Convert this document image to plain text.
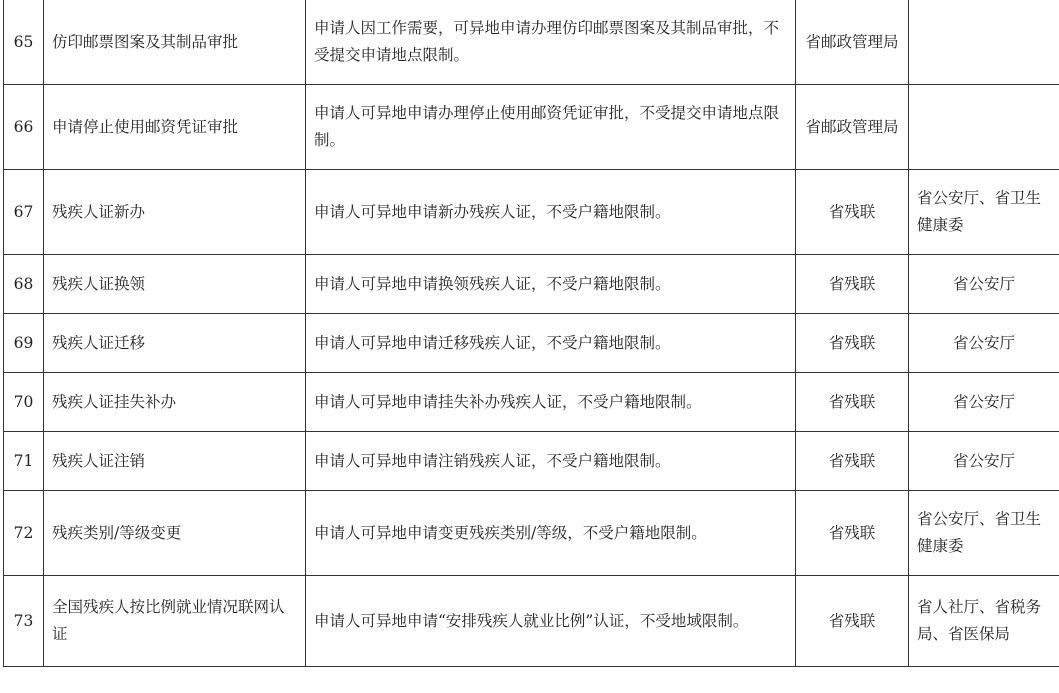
65	仿印邮票图案及其制品审批	申请人因工作需要，可异地申请办理仿印邮票图案及其制品审批，不受提交申请地点限制。	省邮政管理局	
66	申请停止使用邮资凭证审批	申请人可异地申请办理停止使用邮资凭证审批，不受提交申请地点限制。	省邮政管理局	
67	残疾人证新办	申请人可异地申请新办残疾人证，不受户籍地限制。	省残联	省公安厅、省卫生健康委
68	残疾人证换领	申请人可异地申请换领残疾人证，不受户籍地限制。	省残联	省公安厅
69	残疾人证迁移	申请人可异地申请迁移残疾人证，不受户籍地限制。	省残联	省公安厅
70	残疾人证挂失补办	申请人可异地申请挂失补办残疾人证，不受户籍地限制。	省残联	省公安厅
71	残疾人证注销	申请人可异地申请注销残疾人证，不受户籍地限制。	省残联	省公安厅
72	残疾类别/等级变更	申请人可异地申请变更残疾类别/等级，不受户籍地限制。	省残联	省公安厅、省卫生健康委
73	全国残疾人按比例就业情况联网认证	申请人可异地申请“安排残疾人就业比例”认证，不受地域限制。	省残联	省人社厅、省税务局、省医保局
